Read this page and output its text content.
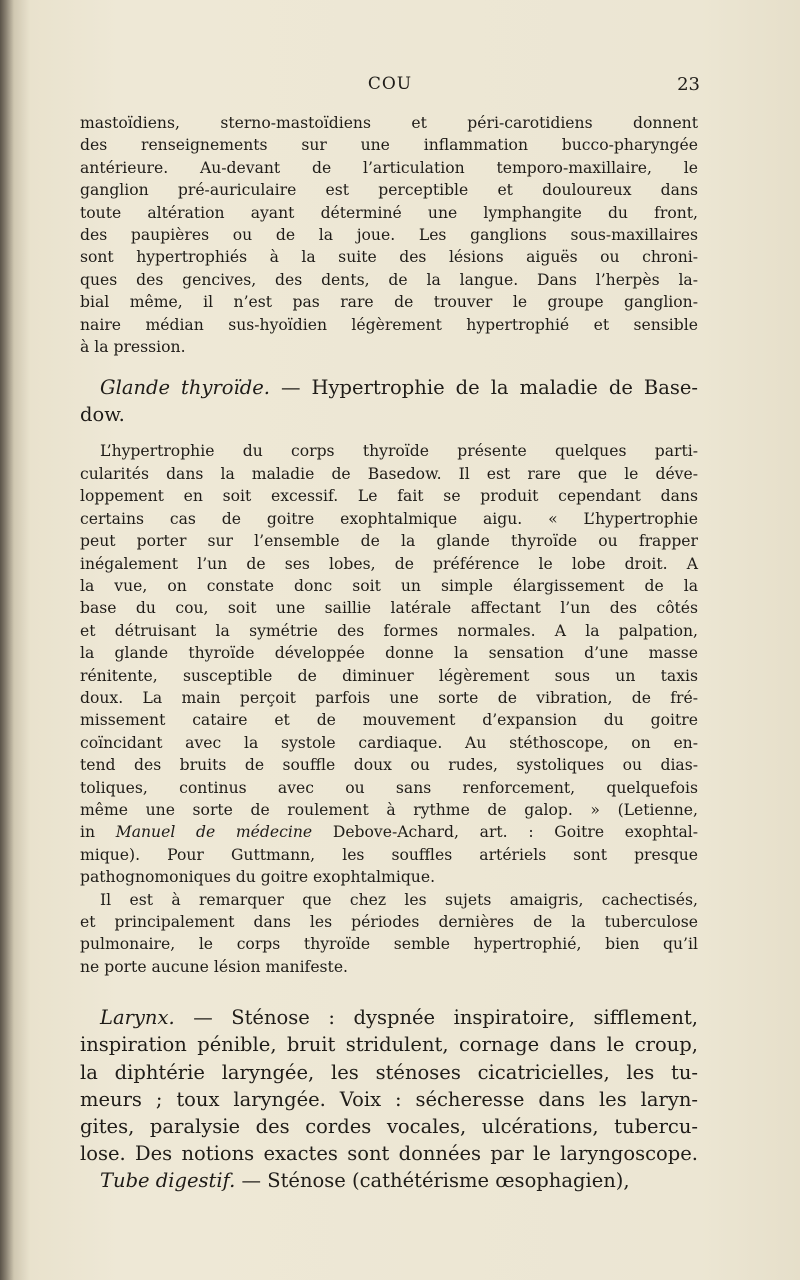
COU	23

mastoïdiens, sterno-mastoïdiens et péri-carotidiens donnent

des renseignements sur une inflammation bucco-pharyngée

antérieure. Au-devant de l’articulation temporo-maxillaire, le

ganglion pré-auriculaire est perceptible et douloureux dans

toute altération ayant déterminé une lymphangite du front,

des paupières ou de la joue. Les ganglions sous-maxillaires

sont hypertrophiés à la suite des lésions aiguës ou chroni-

ques des gencives, des dents, de la langue. Dans l’herpès la-

bial même, il n’est pas rare de trouver le groupe ganglion-

naire médian sus-hyoïdien légèrement hypertrophié et sensible

à la pression.

Glande thyroïde. — Hypertrophie de la maladie de Base-

dow.

L’hypertrophie du corps thyroïde présente quelques parti-

cularités dans la maladie de Basedow. Il est rare que le déve-

loppement en soit excessif. Le fait se produit cependant dans

certains cas de goitre exophtalmique aigu. « L’hypertrophie

peut porter sur l’ensemble de la glande thyroïde ou frapper

inégalement l’un de ses lobes, de préférence le lobe droit. A

la vue, on constate donc soit un simple élargissement de la

base du cou, soit une saillie latérale affectant l’un des côtés

et détruisant la symétrie des formes normales. A la palpation,

la glande thyroïde développée donne la sensation d’une masse

rénitente, susceptible de diminuer légèrement sous un taxis

doux. La main perçoit parfois une sorte de vibration, de fré-

missement cataire et de mouvement d’expansion du goitre

coïncidant avec la systole cardiaque. Au stéthoscope, on en-

tend des bruits de souffle doux ou rudes, systoliques ou dias-

toliques, continus avec ou sans renforcement, quelquefois

même une sorte de roulement à rythme de galop. » (Letienne,

in Manuel de médecine Debove-Achard, art. : Goitre exophtal-

mique). Pour Guttmann, les souffles artériels sont presque

pathognomoniques du goitre exophtalmique.

Il est à remarquer que chez les sujets amaigris, cachectisés,

et principalement dans les périodes dernières de la tuberculose

pulmonaire, le corps thyroïde semble hypertrophié, bien qu’il

ne porte aucune lésion manifeste.

Larynx. — Sténose : dyspnée inspiratoire, sifflement,

inspiration pénible, bruit stridulent, cornage dans le croup,

la diphtérie laryngée, les sténoses cicatricielles, les tu-

meurs ; toux laryngée. Voix : sécheresse dans les laryn-

gites, paralysie des cordes vocales, ulcérations, tubercu-

lose. Des notions exactes sont données par le laryngoscope.

Tube digestif. — Sténose (cathétérisme œsophagien),
